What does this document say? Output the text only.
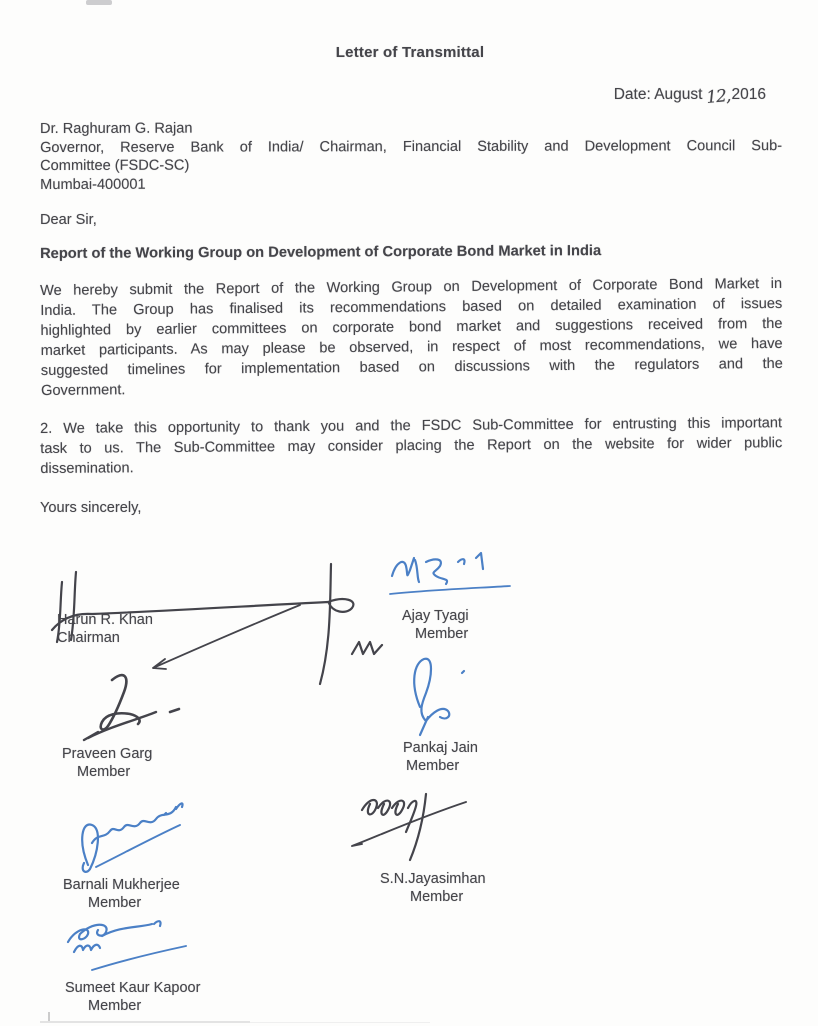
Letter of Transmittal
Date: August 12,2016
Dr. Raghuram G. Rajan
Governor, Reserve Bank of India/ Chairman, Financial Stability and Development Council Sub-
Committee (FSDC-SC)
Mumbai-400001
Dear Sir,
Report of the Working Group on Development of Corporate Bond Market in India
We hereby submit the Report of the Working Group on Development of Corporate Bond Market in
India. The Group has finalised its recommendations based on detailed examination of issues
highlighted by earlier committees on corporate bond market and suggestions received from the
market participants. As may please be observed, in respect of most recommendations, we have
suggested timelines for implementation based on discussions with the regulators and the
Government.
2. We take this opportunity to thank you and the FSDC Sub-Committee for entrusting this important
task to us. The Sub-Committee may consider placing the Report on the website for wider public
dissemination.
Yours sincerely,
Harun R. Khan
Chairman
Ajay Tyagi
Member
Praveen Garg
Member
Pankaj Jain
Member
Barnali Mukherjee
Member
S.N.Jayasimhan
Member
Sumeet Kaur Kapoor
Member
